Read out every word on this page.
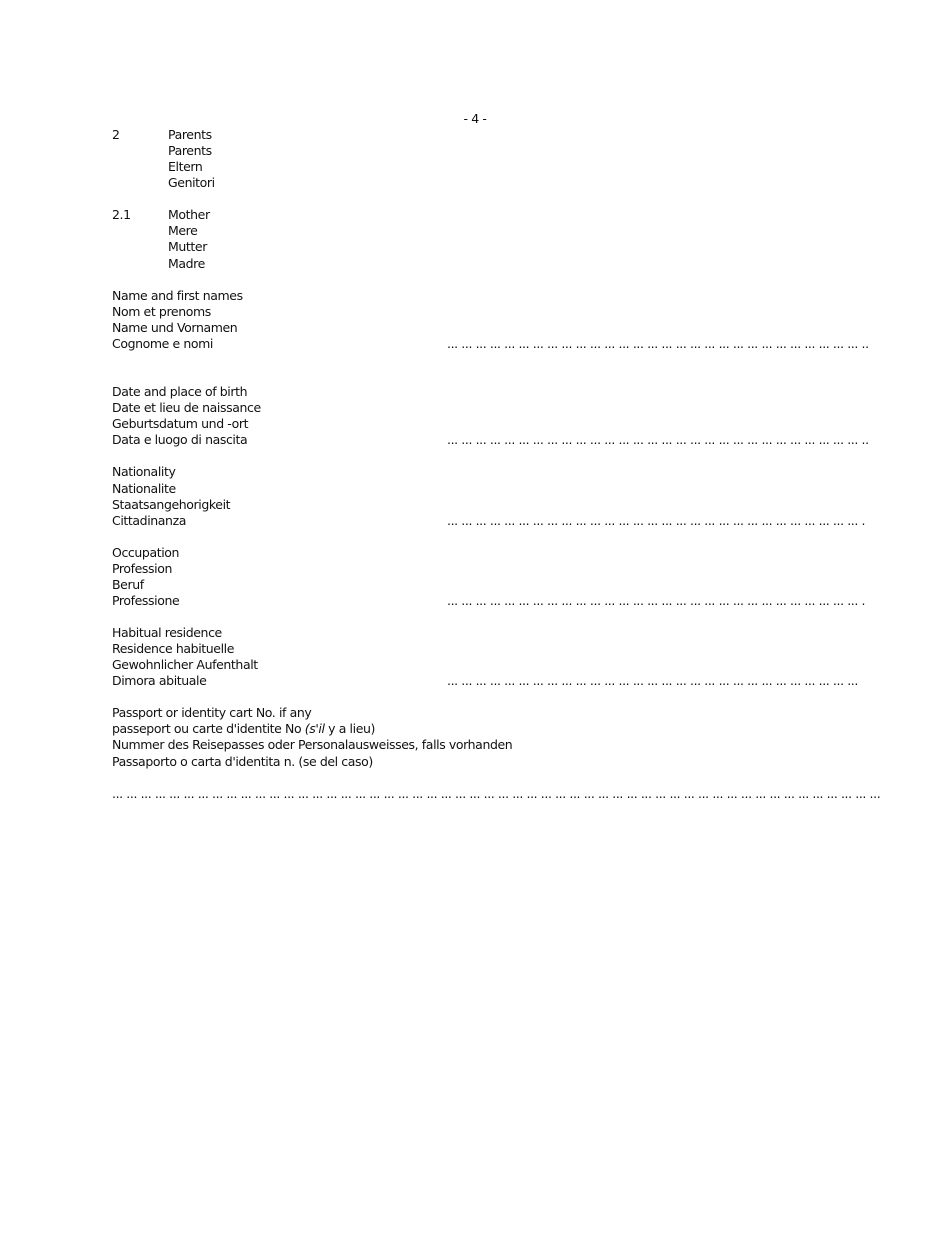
- 4 -
2	Parents
Parents
Eltern
Genitori
2.1	Mother
Mere
Mutter
Madre
Name and first names
Nom et prenoms
Name und Vornamen
Cognome e nomi	... ... ... ... ... ... ... ... ... ... ... ... ... ... ... ... ... ... ... ... ... ... ... ... ... ... ... ... ... ..
Date and place of birth
Date et lieu de naissance
Geburtsdatum und -ort
Data e luogo di nascita	... ... ... ... ... ... ... ... ... ... ... ... ... ... ... ... ... ... ... ... ... ... ... ... ... ... ... ... ... ..
Nationality
Nationalite
Staatsangehorigkeit
Cittadinanza	... ... ... ... ... ... ... ... ... ... ... ... ... ... ... ... ... ... ... ... ... ... ... ... ... ... ... ... ... .
Occupation
Profession
Beruf
Professione	... ... ... ... ... ... ... ... ... ... ... ... ... ... ... ... ... ... ... ... ... ... ... ... ... ... ... ... ... .
Habitual residence
Residence habituelle
Gewohnlicher Aufenthalt
Dimora abituale	... ... ... ... ... ... ... ... ... ... ... ... ... ... ... ... ... ... ... ... ... ... ... ... ... ... ... ... ...
Passport or identity cart No. if any
passeport ou carte d'identite No (s'il y a lieu)
Nummer des Reisepasses oder Personalausweisses, falls vorhanden
Passaporto o carta d'identita n. (se del caso)
... ... ... ... ... ... ... ... ... ... ... ... ... ... ... ... ... ... ... ... ... ... ... ... ... ... ... ... ... ... ... ... ... ... ... ... ... ... ... ... ... ... ... ... ... ... ... ... ... ... ... ... ... ...
